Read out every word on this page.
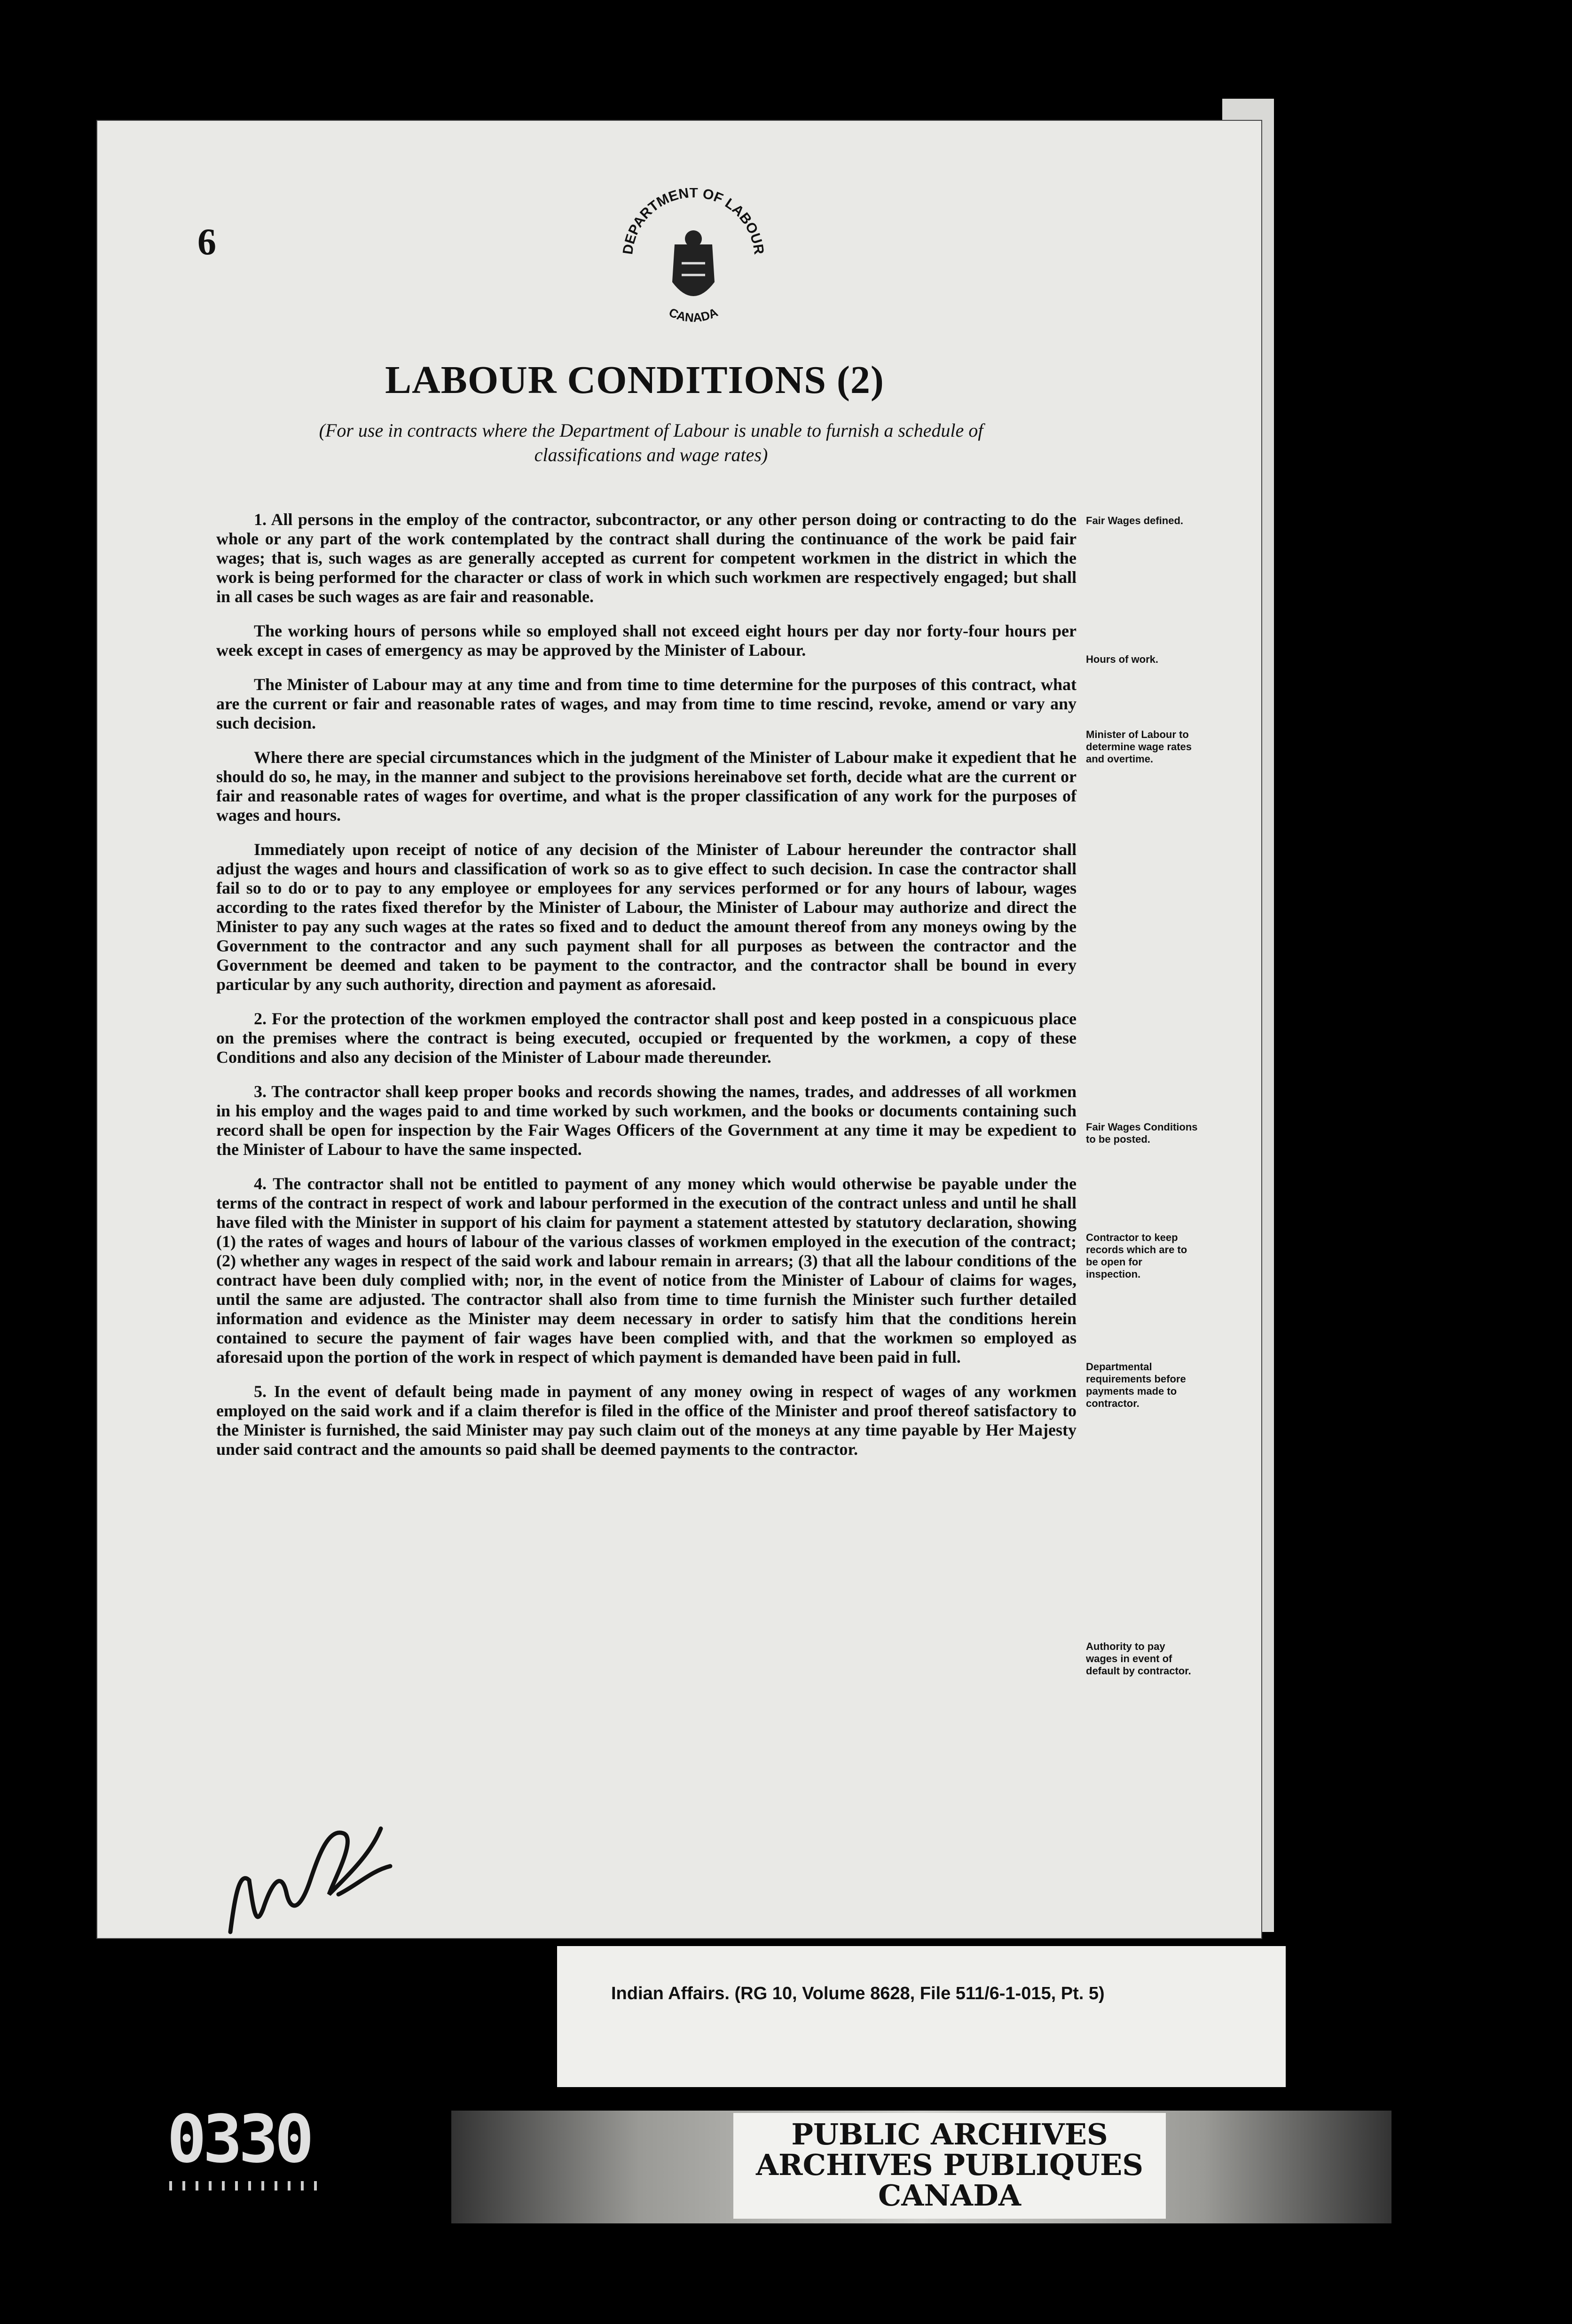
6	DEPARTMENT OF LABOUR
CANADA
LABOUR CONDITIONS (2)
(For use in contracts where the Department of Labour is unable to furnish a schedule of classifications and wage rates)

1. All persons in the employ of the contractor, subcontractor, or any other person doing or contracting to do the whole or any part of the work contemplated by the contract shall during the continuance of the work be paid fair wages; that is, such wages as are generally accepted as current for competent workmen in the district in which the work is being performed for the character or class of work in which such workmen are respectively engaged; but shall in all cases be such wages as are fair and reasonable.

The working hours of persons while so employed shall not exceed eight hours per day nor forty-four hours per week except in cases of emergency as may be approved by the Minister of Labour.

The Minister of Labour may at any time and from time to time determine for the purposes of this contract, what are the current or fair and reasonable rates of wages, and may from time to time rescind, revoke, amend or vary any such decision.

Where there are special circumstances which in the judgment of the Minister of Labour make it expedient that he should do so, he may, in the manner and subject to the provisions hereinabove set forth, decide what are the current or fair and reasonable rates of wages for overtime, and what is the proper classification of any work for the purposes of wages and hours.

Immediately upon receipt of notice of any decision of the Minister of Labour hereunder the contractor shall adjust the wages and hours and classification of work so as to give effect to such decision. In case the contractor shall fail so to do or to pay to any employee or employees for any services performed or for any hours of labour, wages according to the rates fixed therefor by the Minister of Labour, the Minister of Labour may authorize and direct the Minister to pay any such wages at the rates so fixed and to deduct the amount thereof from any moneys owing by the Government to the contractor and any such payment shall for all purposes as between the contractor and the Government be deemed and taken to be payment to the contractor, and the contractor shall be bound in every particular by any such authority, direction and payment as aforesaid.

2. For the protection of the workmen employed the contractor shall post and keep posted in a conspicuous place on the premises where the contract is being executed, occupied or frequented by the workmen, a copy of these Conditions and also any decision of the Minister of Labour made thereunder.

3. The contractor shall keep proper books and records showing the names, trades, and addresses of all workmen in his employ and the wages paid to and time worked by such workmen, and the books or documents containing such record shall be open for inspection by the Fair Wages Officers of the Government at any time it may be expedient to the Minister of Labour to have the same inspected.

4. The contractor shall not be entitled to payment of any money which would otherwise be payable under the terms of the contract in respect of work and labour performed in the execution of the contract unless and until he shall have filed with the Minister in support of his claim for payment a statement attested by statutory declaration, showing (1) the rates of wages and hours of labour of the various classes of workmen employed in the execution of the contract; (2) whether any wages in respect of the said work and labour remain in arrears; (3) that all the labour conditions of the contract have been duly complied with; nor, in the event of notice from the Minister of Labour of claims for wages, until the same are adjusted. The contractor shall also from time to time furnish the Minister such further detailed information and evidence as the Minister may deem necessary in order to satisfy him that the conditions herein contained to secure the payment of fair wages have been complied with, and that the workmen so employed as aforesaid upon the portion of the work in respect of which payment is demanded have been paid in full.

5. In the event of default being made in payment of any money owing in respect of wages of any workmen employed on the said work and if a claim therefor is filed in the office of the Minister and proof thereof satisfactory to the Minister is furnished, the said Minister may pay such claim out of the moneys at any time payable by Her Majesty under said contract and the amounts so paid shall be deemed payments to the contractor.

Fair Wages defined.
Hours of work.
Minister of Labour to determine wage rates and overtime.
Fair Wages Conditions to be posted.
Contractor to keep records which are to be open for inspection.
Departmental requirements before payments made to contractor.
Authority to pay wages in event of default by contractor.
Indian Affairs. (RG 10, Volume 8628, File 511/6-1-015, Pt. 5)
PUBLIC ARCHIVES
ARCHIVES PUBLIQUES
CANADA
0330
